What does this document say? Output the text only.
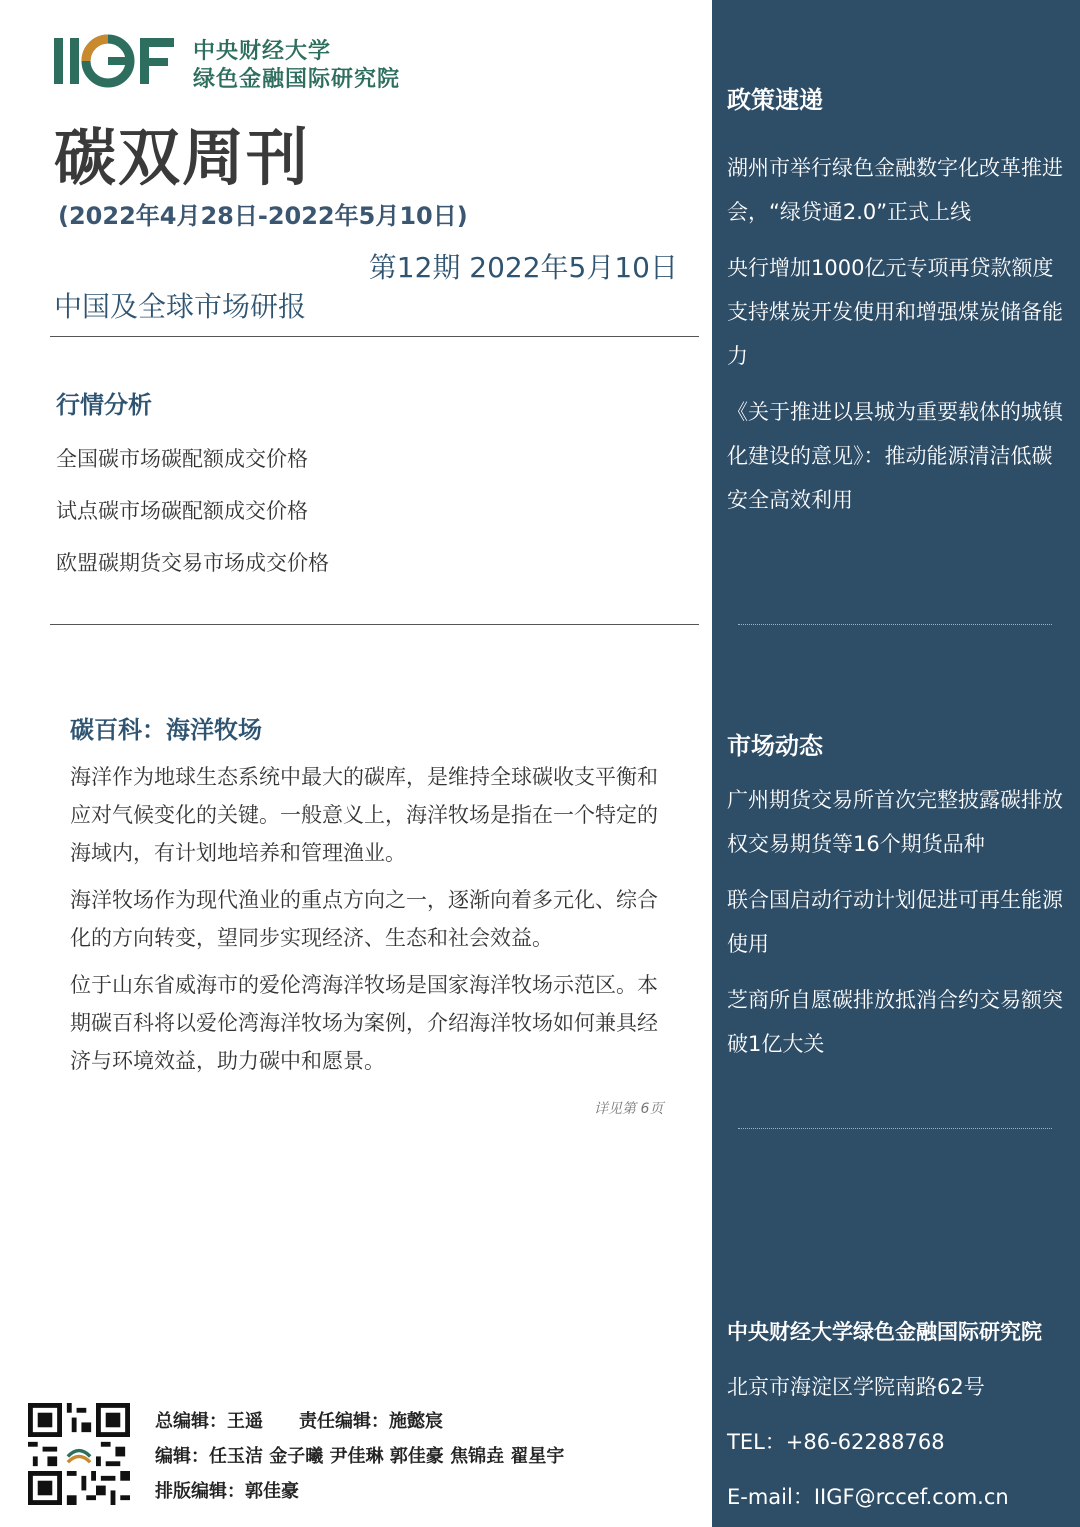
中央财经大学
绿色金融国际研究院
碳双周刊
(2022年4月28日-2022年5月10日)
第12期 2022年5月10日
中国及全球市场研报
行情分析
全国碳市场碳配额成交价格
试点碳市场碳配额成交价格
欧盟碳期货交易市场成交价格
碳百科：海洋牧场

海洋作为地球生态系统中最大的碳库，是维持全球碳收支平衡和应对气候变化的关键。一般意义上，海洋牧场是指在一个特定的海域内，有计划地培养和管理渔业。

海洋牧场作为现代渔业的重点方向之一，逐渐向着多元化、综合化的方向转变，望同步实现经济、生态和社会效益。

位于山东省威海市的爱伦湾海洋牧场是国家海洋牧场示范区。本期碳百科将以爱伦湾海洋牧场为案例，介绍海洋牧场如何兼具经济与环境效益，助力碳中和愿景。

详见第 6页
政策速递

湖州市举行绿色金融数字化改革推进会，“绿贷通2.0”正式上线

央行增加1000亿元专项再贷款额度支持煤炭开发使用和增强煤炭储备能力

《关于推进以县城为重要载体的城镇化建设的意见》：推动能源清洁低碳安全高效利用

市场动态

广州期货交易所首次完整披露碳排放权交易期货等16个期货品种

联合国启动行动计划促进可再生能源使用

芝商所自愿碳排放抵消合约交易额突破1亿大关

中央财经大学绿色金融国际研究院
北京市海淀区学院南路62号
TEL：+86-62288768
E-mail：IIGF@rccef.com.cn
总编辑：王遥 责任编辑：施懿宸
编辑：任玉洁 金子曦 尹佳琳 郭佳豪 焦锦垚 翟星宇
排版编辑：郭佳豪
